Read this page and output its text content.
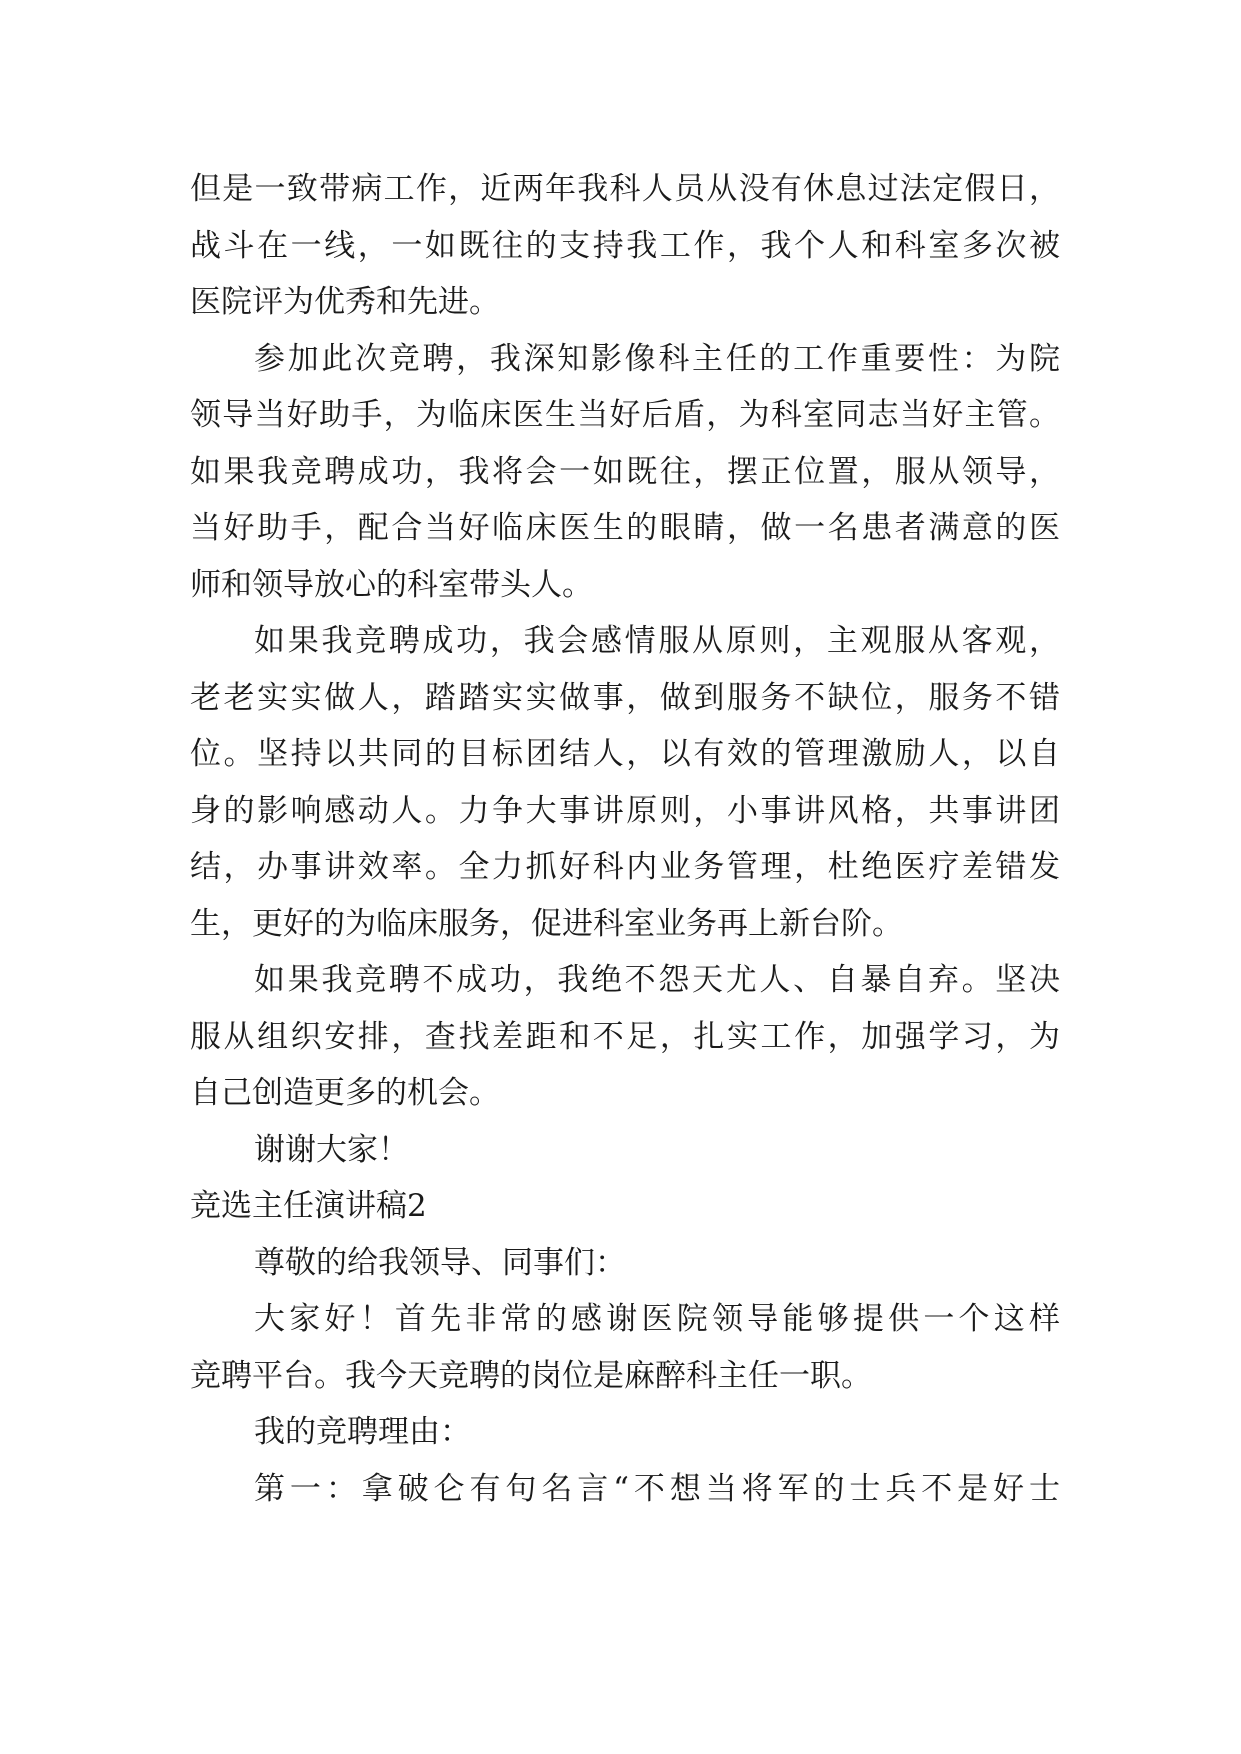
但是一致带病工作，近两年我科人员从没有休息过法定假日，
战斗在一线，一如既往的支持我工作，我个人和科室多次被
医院评为优秀和先进。
参加此次竞聘，我深知影像科主任的工作重要性：为院
领导当好助手，为临床医生当好后盾，为科室同志当好主管。
如果我竞聘成功，我将会一如既往，摆正位置，服从领导，
当好助手，配合当好临床医生的眼睛，做一名患者满意的医
师和领导放心的科室带头人。
如果我竞聘成功，我会感情服从原则，主观服从客观，
老老实实做人，踏踏实实做事，做到服务不缺位，服务不错
位。坚持以共同的目标团结人，以有效的管理激励人，以自
身的影响感动人。力争大事讲原则，小事讲风格，共事讲团
结，办事讲效率。全力抓好科内业务管理，杜绝医疗差错发
生，更好的为临床服务，促进科室业务再上新台阶。
如果我竞聘不成功，我绝不怨天尤人、自暴自弃。坚决
服从组织安排，查找差距和不足，扎实工作，加强学习，为
自己创造更多的机会。
谢谢大家！
竞选主任演讲稿2
尊敬的给我领导、同事们：
大家好！首先非常的感谢医院领导能够提供一个这样
竞聘平台。我今天竞聘的岗位是麻醉科主任一职。
我的竞聘理由：
第一：拿破仑有句名言“不想当将军的士兵不是好士
